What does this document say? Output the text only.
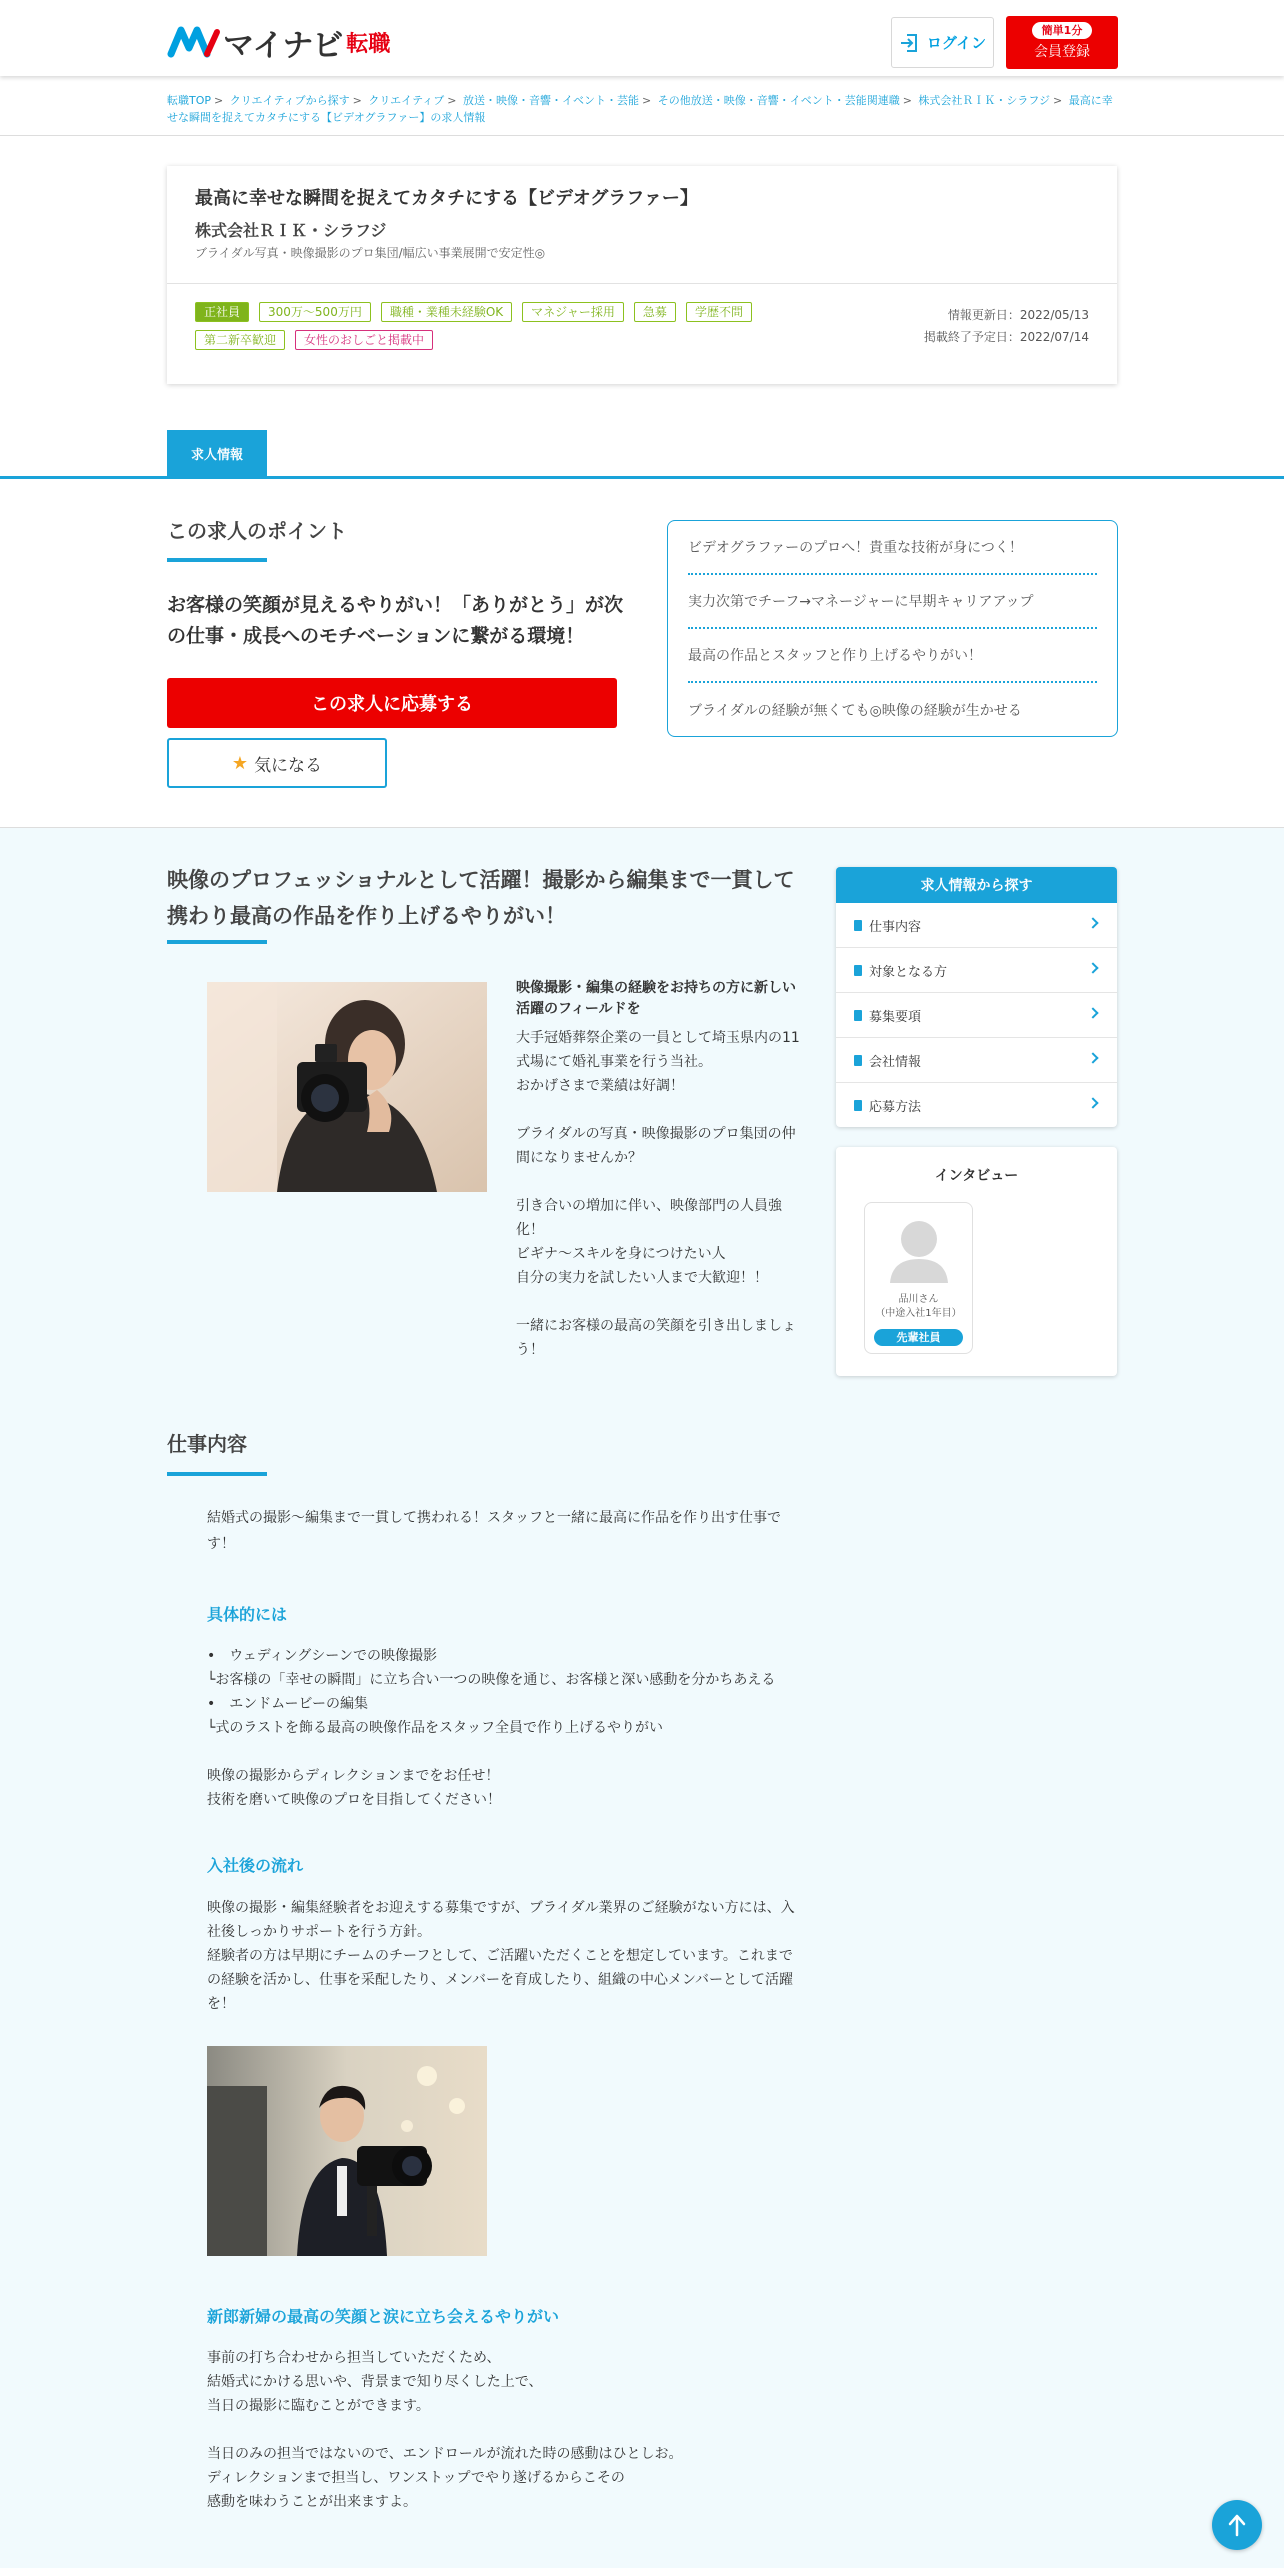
マイナビ 転職	ログイン
簡単1分
会員登録
転職TOP > クリエイティブから探す > クリエイティブ > 放送・映像・音響・イベント・芸能 > その他放送・映像・音響・イベント・芸能関連職 > 株式会社ＲＩＫ・シラフジ > 最高に幸せな瞬間を捉えてカタチにする【ビデオグラファー】の求人情報
最高に幸せな瞬間を捉えてカタチにする【ビデオグラファー】
株式会社ＲＩＫ・シラフジ
ブライダル写真・映像撮影のプロ集団/幅広い事業展開で安定性◎
正社員	300万～500万円	職種・業種未経験OK	マネジャー採用	急募	学歴不問
第二新卒歓迎	女性のおしごと掲載中
情報更新日：2022/05/13
掲載終了予定日：2022/07/14
求人情報
この求人のポイント
お客様の笑顔が見えるやりがい！「ありがとう」が次の仕事・成長へのモチベーションに繋がる環境！
この求人に応募する
★ 気になる
ビデオグラファーのプロへ！貴重な技術が身につく！
実力次第でチーフ→マネージャーに早期キャリアアップ
最高の作品とスタッフと作り上げるやりがい！
ブライダルの経験が無くても◎映像の経験が生かせる
映像のプロフェッショナルとして活躍！撮影から編集まで一貫して携わり最高の作品を作り上げるやりがい！
映像撮影・編集の経験をお持ちの方に新しい活躍のフィールドを
大手冠婚葬祭企業の一員として埼玉県内の11式場にて婚礼事業を行う当社。
おかげさまで業績は好調！

ブライダルの写真・映像撮影のプロ集団の仲間になりませんか？

引き合いの増加に伴い、映像部門の人員強化！
ビギナ～スキルを身につけたい人
自分の実力を試したい人まで大歓迎！！

一緒にお客様の最高の笑顔を引き出しましょう！
求人情報から探す
仕事内容
対象となる方
募集要項
会社情報
応募方法
インタビュー
品川さん
（中途入社1年目）
先輩社員
仕事内容
結婚式の撮影～編集まで一貫して携われる！スタッフと一緒に最高に作品を作り出す仕事です！
具体的には

•　ウェディングシーンでの映像撮影
└お客様の「幸せの瞬間」に立ち合い一つの映像を通じ、お客様と深い感動を分かちあえる
•　エンドムービーの編集
└式のラストを飾る最高の映像作品をスタッフ全員で作り上げるやりがい

映像の撮影からディレクションまでをお任せ！
技術を磨いて映像のプロを目指してください！

入社後の流れ

映像の撮影・編集経験者をお迎えする募集ですが、ブライダル業界のご経験がない方には、入社後しっかりサポートを行う方針。
経験者の方は早期にチームのチーフとして、ご活躍いただくことを想定しています。これまでの経験を活かし、仕事を采配したり、メンバーを育成したり、組織の中心メンバーとして活躍を！

新郎新婦の最高の笑顔と涙に立ち会えるやりがい

事前の打ち合わせから担当していただくため、
結婚式にかける思いや、背景まで知り尽くした上で、
当日の撮影に臨むことができます。

当日のみの担当ではないので、エンドロールが流れた時の感動はひとしお。
ディレクションまで担当し、ワンストップでやり遂げるからこその
感動を味わうことが出来ますよ。
